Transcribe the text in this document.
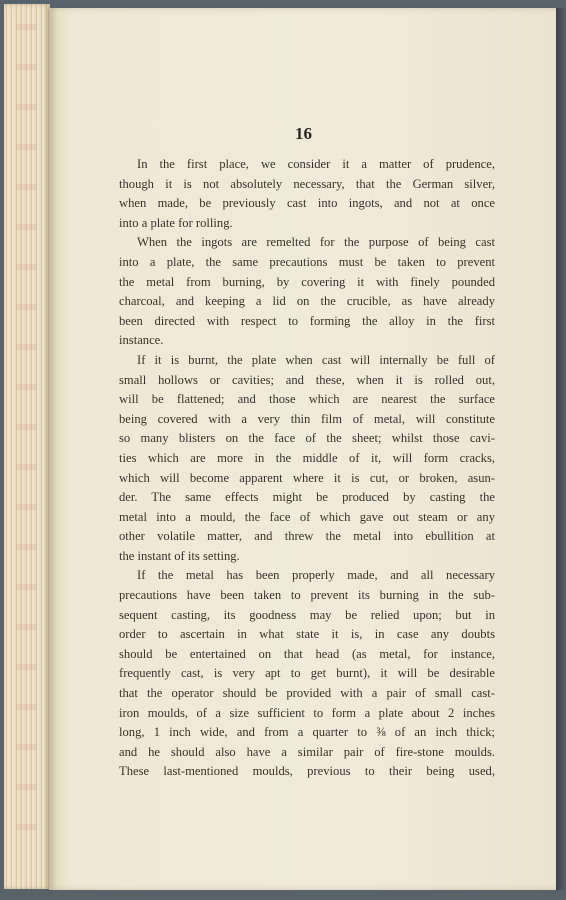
16
In the first place, we consider it a matter of prudence,
though it is not absolutely necessary, that the German silver,
when made, be previously cast into ingots, and not at once
into a plate for rolling.
When the ingots are remelted for the purpose of being cast
into a plate, the same precautions must be taken to prevent
the metal from burning, by covering it with finely pounded
charcoal, and keeping a lid on the crucible, as have already
been directed with respect to forming the alloy in the first
instance.
If it is burnt, the plate when cast will internally be full of
small hollows or cavities; and these, when it is rolled out,
will be flattened; and those which are nearest the surface
being covered with a very thin film of metal, will constitute
so many blisters on the face of the sheet; whilst those cavi-
ties which are more in the middle of it, will form cracks,
which will become apparent where it is cut, or broken, asun-
der. The same effects might be produced by casting the
metal into a mould, the face of which gave out steam or any
other volatile matter, and threw the metal into ebullition at
the instant of its setting.
If the metal has been properly made, and all necessary
precautions have been taken to prevent its burning in the sub-
sequent casting, its goodness may be relied upon; but in
order to ascertain in what state it is, in case any doubts
should be entertained on that head (as metal, for instance,
frequently cast, is very apt to get burnt), it will be desirable
that the operator should be provided with a pair of small cast-
iron moulds, of a size sufficient to form a plate about 2 inches
long, 1 inch wide, and from a quarter to ⅜ of an inch thick;
and he should also have a similar pair of fire-stone moulds.
These last-mentioned moulds, previous to their being used,
